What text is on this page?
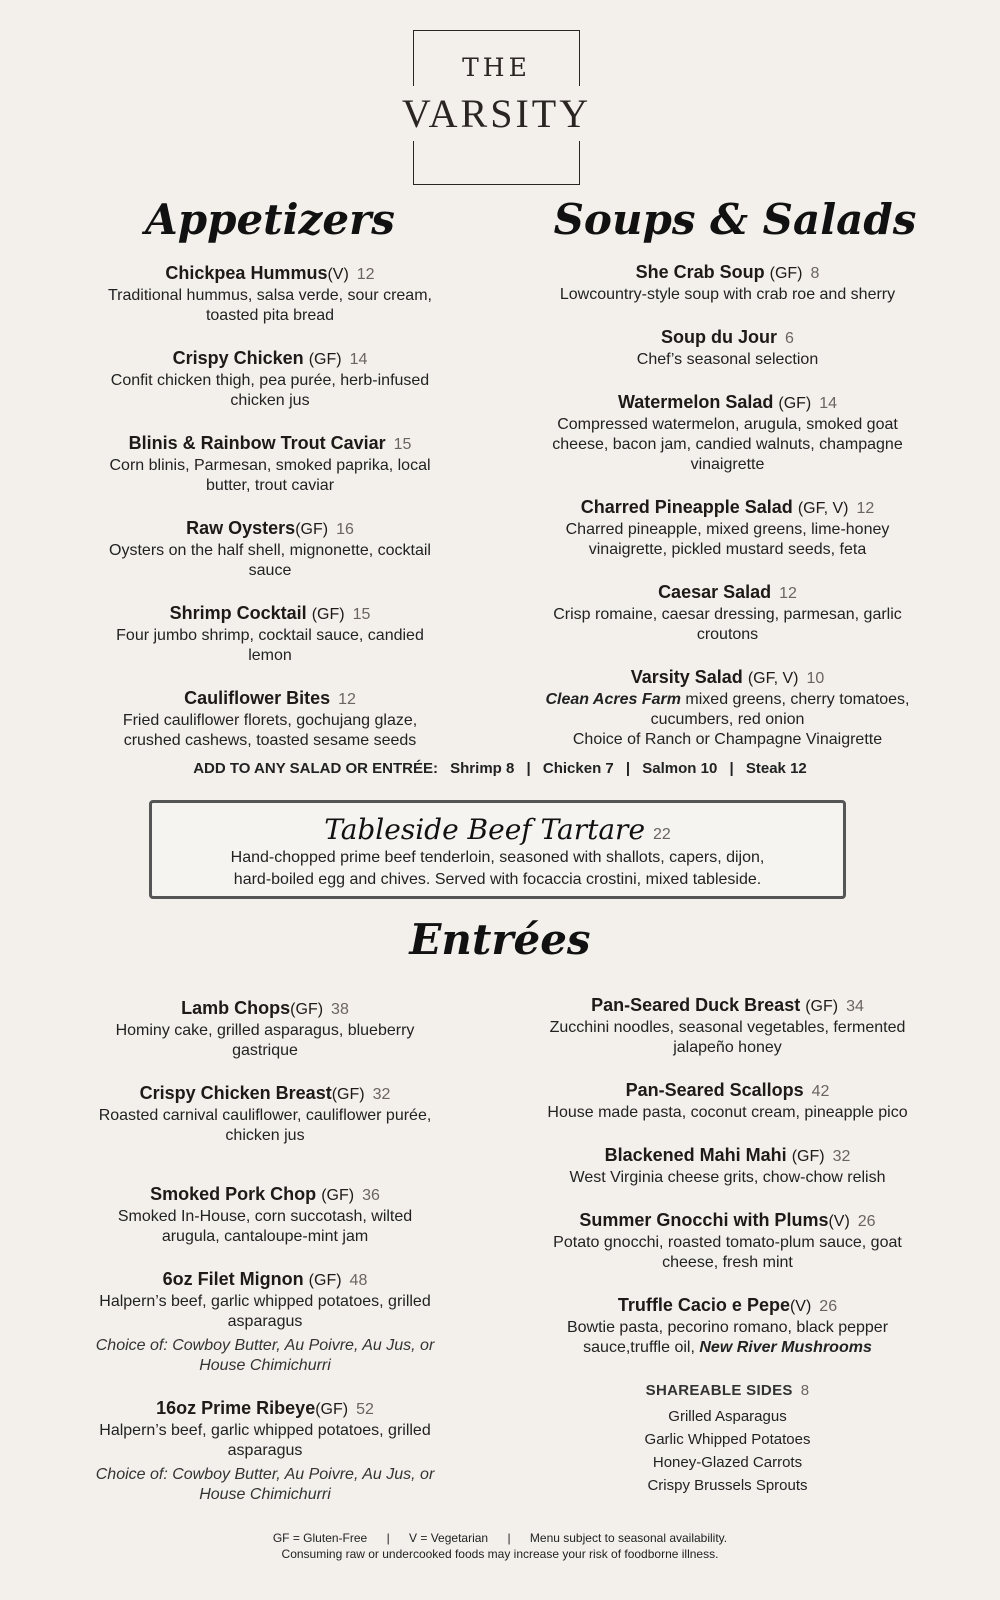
THE
VARSITY
Appetizers
Chickpea Hummus(V) 12
Traditional hummus, salsa verde, sour cream, toasted pita bread
Crispy Chicken (GF) 14
Confit chicken thigh, pea purée, herb-infused chicken jus
Blinis & Rainbow Trout Caviar 15
Corn blinis, Parmesan, smoked paprika, local butter, trout caviar
Raw Oysters(GF) 16
Oysters on the half shell, mignonette, cocktail sauce
Shrimp Cocktail (GF) 15
Four jumbo shrimp, cocktail sauce, candied lemon
Cauliflower Bites 12
Fried cauliflower florets, gochujang glaze, crushed cashews, toasted sesame seeds
Soups & Salads
She Crab Soup (GF) 8
Lowcountry-style soup with crab roe and sherry
Soup du Jour 6
Chef’s seasonal selection
Watermelon Salad (GF) 14
Compressed watermelon, arugula, smoked goat cheese, bacon jam, candied walnuts, champagne vinaigrette
Charred Pineapple Salad (GF, V) 12
Charred pineapple, mixed greens, lime-honey vinaigrette, pickled mustard seeds, feta
Caesar Salad 12
Crisp romaine, caesar dressing, parmesan, garlic croutons
Varsity Salad (GF, V) 10
Clean Acres Farm mixed greens, cherry tomatoes, cucumbers, red onion
Choice of Ranch or Champagne Vinaigrette
ADD TO ANY SALAD OR ENTRÉE: Shrimp 8 | Chicken 7 | Salmon 10 | Steak 12
Tableside Beef Tartare 22
Hand-chopped prime beef tenderloin, seasoned with shallots, capers, dijon,
hard-boiled egg and chives. Served with focaccia crostini, mixed tableside.
Entrées
Lamb Chops(GF) 38
Hominy cake, grilled asparagus, blueberry gastrique
Crispy Chicken Breast(GF) 32
Roasted carnival cauliflower, cauliflower purée, chicken jus
Smoked Pork Chop (GF) 36
Smoked In-House, corn succotash, wilted arugula, cantaloupe-mint jam
6oz Filet Mignon (GF) 48
Halpern’s beef, garlic whipped potatoes, grilled asparagus
Choice of: Cowboy Butter, Au Poivre, Au Jus, or House Chimichurri
16oz Prime Ribeye(GF) 52
Halpern’s beef, garlic whipped potatoes, grilled asparagus
Choice of: Cowboy Butter, Au Poivre, Au Jus, or House Chimichurri
Pan-Seared Duck Breast (GF) 34
Zucchini noodles, seasonal vegetables, fermented jalapeño honey
Pan-Seared Scallops 42
House made pasta, coconut cream, pineapple pico
Blackened Mahi Mahi (GF) 32
West Virginia cheese grits, chow-chow relish
Summer Gnocchi with Plums(V) 26
Potato gnocchi, roasted tomato-plum sauce, goat cheese, fresh mint
Truffle Cacio e Pepe(V) 26
Bowtie pasta, pecorino romano, black pepper sauce,truffle oil, New River Mushrooms
SHAREABLE SIDES 8
Grilled Asparagus
Garlic Whipped Potatoes
Honey-Glazed Carrots
Crispy Brussels Sprouts
GF = Gluten-Free | V = Vegetarian | Menu subject to seasonal availability.
Consuming raw or undercooked foods may increase your risk of foodborne illness.
